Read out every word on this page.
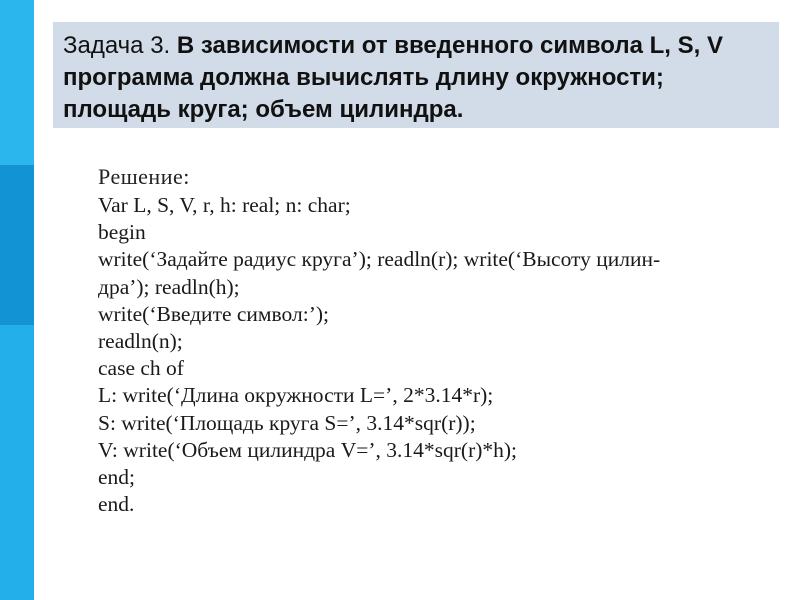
Задача 3. В зависимости от введенного символа L, S, V программа должна вычислять длину окружности; площадь круга; объем цилиндра.

Решение:
Var L, S, V, r, h: real; n: char;
begin
write(‘Задайте радиус круга’); readln(r); write(‘Высоту цилин-
дра’); readln(h);
write(‘Введите символ:’);
readln(n);
case ch of
L: write(‘Длина окружности L=’, 2*3.14*r);
S: write(‘Площадь круга S=’, 3.14*sqr(r));
V: write(‘Объем цилиндра V=’, 3.14*sqr(r)*h);
end;
end.
